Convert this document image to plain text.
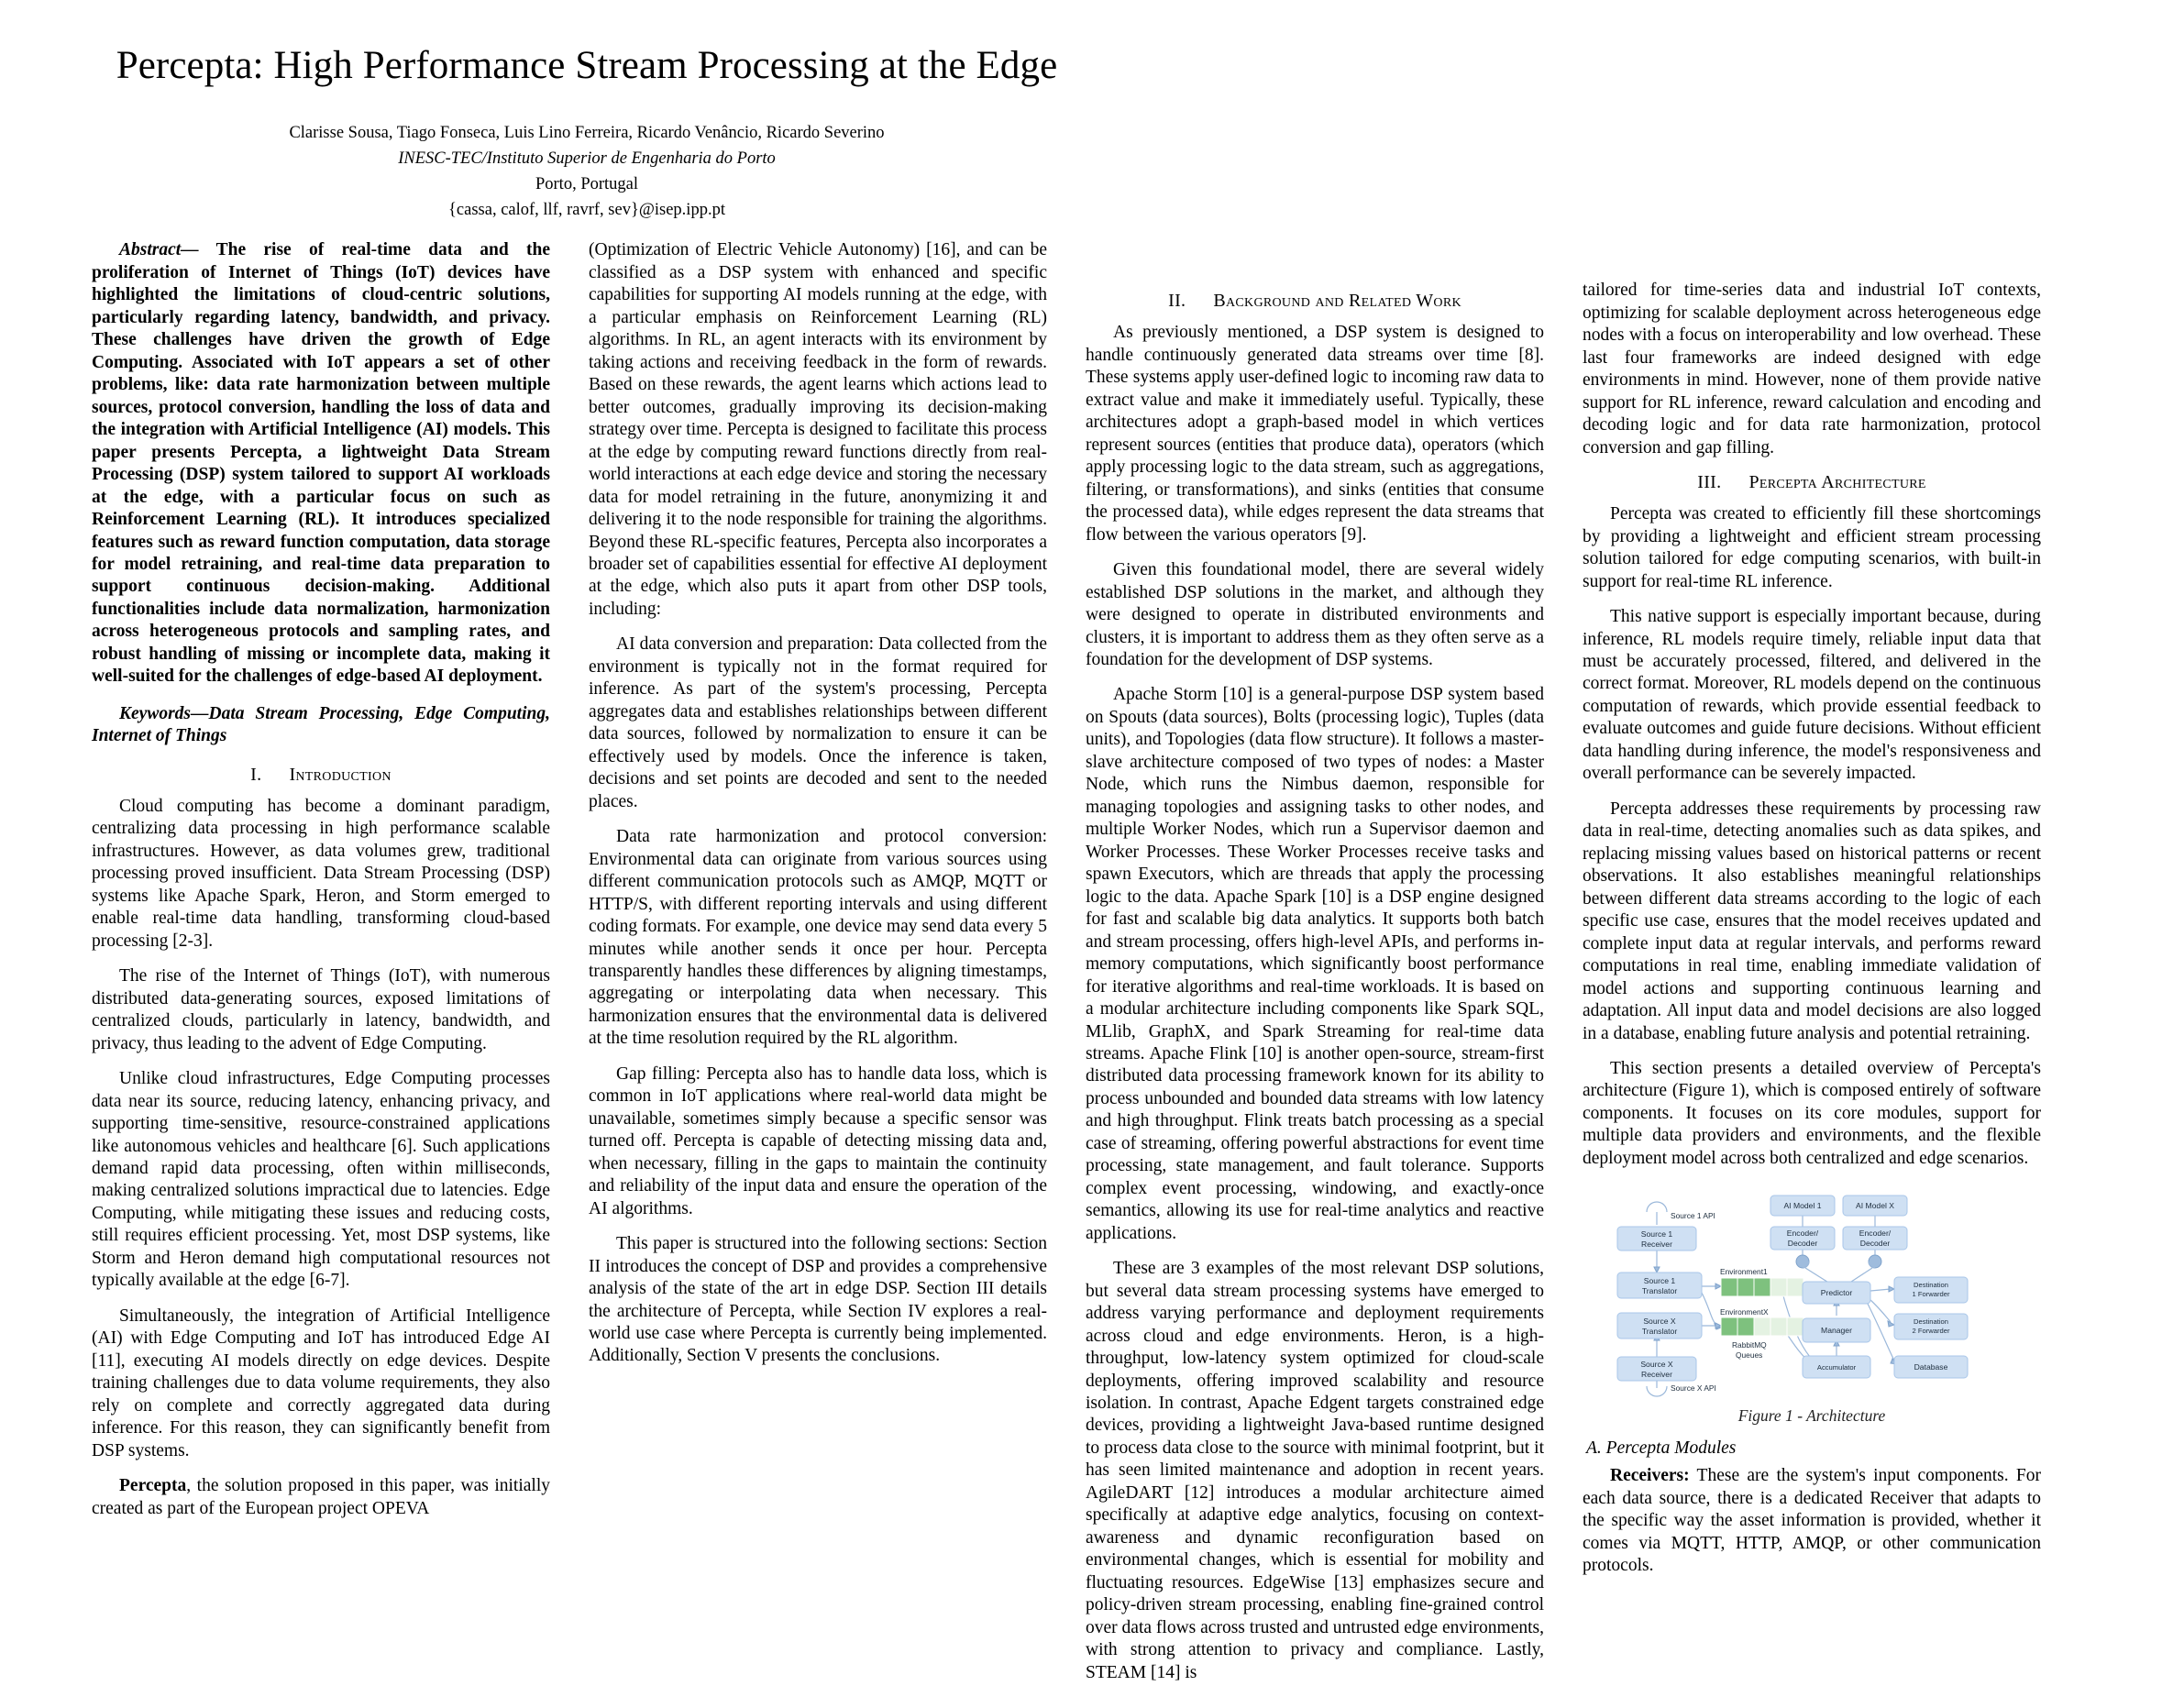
Percepta: High Performance Stream Processing at the Edge
Clarisse Sousa, Tiago Fonseca, Luis Lino Ferreira, Ricardo Venâncio, Ricardo Severino
INESC-TEC/Instituto Superior de Engenharia do Porto
Porto, Portugal
{cassa, calof, llf, ravrf, sev}@isep.ipp.pt

Abstract— The rise of real-time data and the proliferation of Internet of Things (IoT) devices have highlighted the limitations of cloud-centric solutions, particularly regarding latency, bandwidth, and privacy. These challenges have driven the growth of Edge Computing. Associated with IoT appears a set of other problems, like: data rate harmonization between multiple sources, protocol conversion, handling the loss of data and the integration with Artificial Intelligence (AI) models. This paper presents Percepta, a lightweight Data Stream Processing (DSP) system tailored to support AI workloads at the edge, with a particular focus on such as Reinforcement Learning (RL). It introduces specialized features such as reward function computation, data storage for model retraining, and real-time data preparation to support continuous decision-making. Additional functionalities include data normalization, harmonization across heterogeneous protocols and sampling rates, and robust handling of missing or incomplete data, making it well-suited for the challenges of edge-based AI deployment.

Keywords—Data Stream Processing, Edge Computing, Internet of Things

I. Introduction

Cloud computing has become a dominant paradigm, centralizing data processing in high performance scalable infrastructures. However, as data volumes grew, traditional processing proved insufficient. Data Stream Processing (DSP) systems like Apache Spark, Heron, and Storm emerged to enable real-time data handling, transforming cloud-based processing [2-3].

The rise of the Internet of Things (IoT), with numerous distributed data-generating sources, exposed limitations of centralized clouds, particularly in latency, bandwidth, and privacy, thus leading to the advent of Edge Computing.

Unlike cloud infrastructures, Edge Computing processes data near its source, reducing latency, enhancing privacy, and supporting time-sensitive, resource-constrained applications like autonomous vehicles and healthcare [6]. Such applications demand rapid data processing, often within milliseconds, making centralized solutions impractical due to latencies. Edge Computing, while mitigating these issues and reducing costs, still requires efficient processing. Yet, most DSP systems, like Storm and Heron demand high computational resources not typically available at the edge [6-7].

Simultaneously, the integration of Artificial Intelligence (AI) with Edge Computing and IoT has introduced Edge AI [11], executing AI models directly on edge devices. Despite training challenges due to data volume requirements, they also rely on complete and correctly aggregated data during inference. For this reason, they can significantly benefit from DSP systems.

Percepta, the solution proposed in this paper, was initially created as part of the European project OPEVA

(Optimization of Electric Vehicle Autonomy) [16], and can be classified as a DSP system with enhanced and specific capabilities for supporting AI models running at the edge, with a particular emphasis on Reinforcement Learning (RL) algorithms. In RL, an agent interacts with its environment by taking actions and receiving feedback in the form of rewards. Based on these rewards, the agent learns which actions lead to better outcomes, gradually improving its decision-making strategy over time. Percepta is designed to facilitate this process at the edge by computing reward functions directly from real-world interactions at each edge device and storing the necessary data for model retraining in the future, anonymizing it and delivering it to the node responsible for training the algorithms. Beyond these RL-specific features, Percepta also incorporates a broader set of capabilities essential for effective AI deployment at the edge, which also puts it apart from other DSP tools, including:

AI data conversion and preparation: Data collected from the environment is typically not in the format required for inference. As part of the system's processing, Percepta aggregates data and establishes relationships between different data sources, followed by normalization to ensure it can be effectively used by models. Once the inference is taken, decisions and set points are decoded and sent to the needed places.

Data rate harmonization and protocol conversion: Environmental data can originate from various sources using different communication protocols such as AMQP, MQTT or HTTP/S, with different reporting intervals and using different coding formats. For example, one device may send data every 5 minutes while another sends it once per hour. Percepta transparently handles these differences by aligning timestamps, aggregating or interpolating data when necessary. This harmonization ensures that the environmental data is delivered at the time resolution required by the RL algorithm.

Gap filling: Percepta also has to handle data loss, which is common in IoT applications where real-world data might be unavailable, sometimes simply because a specific sensor was turned off. Percepta is capable of detecting missing data and, when necessary, filling in the gaps to maintain the continuity and reliability of the input data and ensure the operation of the AI algorithms.

This paper is structured into the following sections: Section II introduces the concept of DSP and provides a comprehensive analysis of the state of the art in edge DSP. Section III details the architecture of Percepta, while Section IV explores a real-world use case where Percepta is currently being implemented. Additionally, Section V presents the conclusions.

II. Background and Related Work

As previously mentioned, a DSP system is designed to handle continuously generated data streams over time [8]. These systems apply user-defined logic to incoming raw data to extract value and make it immediately useful. Typically, these architectures adopt a graph-based model in which vertices represent sources (entities that produce data), operators (which apply processing logic to the data stream, such as aggregations, filtering, or transformations), and sinks (entities that consume the processed data), while edges represent the data streams that flow between the various operators [9].

Given this foundational model, there are several widely established DSP solutions in the market, and although they were designed to operate in distributed environments and clusters, it is important to address them as they often serve as a foundation for the development of DSP systems.

Apache Storm [10] is a general-purpose DSP system based on Spouts (data sources), Bolts (processing logic), Tuples (data units), and Topologies (data flow structure). It follows a master-slave architecture composed of two types of nodes: a Master Node, which runs the Nimbus daemon, responsible for managing topologies and assigning tasks to other nodes, and multiple Worker Nodes, which run a Supervisor daemon and Worker Processes. These Worker Processes receive tasks and spawn Executors, which are threads that apply the processing logic to the data. Apache Spark [10] is a DSP engine designed for fast and scalable big data analytics. It supports both batch and stream processing, offers high-level APIs, and performs in-memory computations, which significantly boost performance for iterative algorithms and real-time workloads. It is based on a modular architecture including components like Spark SQL, MLlib, GraphX, and Spark Streaming for real-time data streams. Apache Flink [10] is another open-source, stream-first distributed data processing framework known for its ability to process unbounded and bounded data streams with low latency and high throughput. Flink treats batch processing as a special case of streaming, offering powerful abstractions for event time processing, state management, and fault tolerance. Supports complex event processing, windowing, and exactly-once semantics, allowing its use for real-time analytics and reactive applications.

These are 3 examples of the most relevant DSP solutions, but several data stream processing systems have emerged to address varying performance and deployment requirements across cloud and edge environments. Heron, is a high-throughput, low-latency system optimized for cloud-scale deployments, offering improved scalability and resource isolation. In contrast, Apache Edgent targets constrained edge devices, providing a lightweight Java-based runtime designed to process data close to the source with minimal footprint, but it has seen limited maintenance and adoption in recent years. AgileDART [12] introduces a modular architecture aimed specifically at adaptive edge analytics, focusing on context-awareness and dynamic reconfiguration based on environmental changes, which is essential for mobility and fluctuating resources. EdgeWise [13] emphasizes secure and policy-driven stream processing, enabling fine-grained control over data flows across trusted and untrusted edge environments, with strong attention to privacy and compliance. Lastly, STEAM [14] is

tailored for time-series data and industrial IoT contexts, optimizing for scalable deployment across heterogeneous edge nodes with a focus on interoperability and low overhead. These last four frameworks are indeed designed with edge environments in mind. However, none of them provide native support for RL inference, reward calculation and encoding and decoding logic and for data rate harmonization, protocol conversion and gap filling.

III. Percepta Architecture

Percepta was created to efficiently fill these shortcomings by providing a lightweight and efficient stream processing solution tailored for edge computing scenarios, with built-in support for real-time RL inference.

This native support is especially important because, during inference, RL models require timely, reliable input data that must be accurately processed, filtered, and delivered in the correct format. Moreover, RL models depend on the continuous computation of rewards, which provide essential feedback to evaluate outcomes and guide future decisions. Without efficient data handling during inference, the model's responsiveness and overall performance can be severely impacted.

Percepta addresses these requirements by processing raw data in real-time, detecting anomalies such as data spikes, and replacing missing values based on historical patterns or recent observations. It also establishes meaningful relationships between different data streams according to the logic of each specific use case, ensures that the model receives updated and complete input data at regular intervals, and performs reward computations in real time, enabling immediate validation of model actions and supporting continuous learning and adaptation. All input data and model decisions are also logged in a database, enabling future analysis and potential retraining.

This section presents a detailed overview of Percepta's architecture (Figure 1), which is composed entirely of software components. It focuses on its core modules, support for multiple data providers and environments, and the flexible deployment model across both centralized and edge scenarios.

Source 1
Receiver
Source 1
Translator
Source X
Translator
Source X
Receiver
Source 1 API
Source X API
Environment1
EnvironmentX
RabbitMQ
Queues
AI Model 1	AI Model X
Encoder/
Decoder
Encoder/
Decoder
Predictor
Manager
Accumulator
Destination
1 Forwarder
Destination
2 Forwarder
Database
Figure 1 - Architecture
A. Percepta Modules

Receivers: These are the system's input components. For each data source, there is a dedicated Receiver that adapts to the specific way the asset information is provided, whether it comes via MQTT, HTTP, AMQP, or other communication protocols.
